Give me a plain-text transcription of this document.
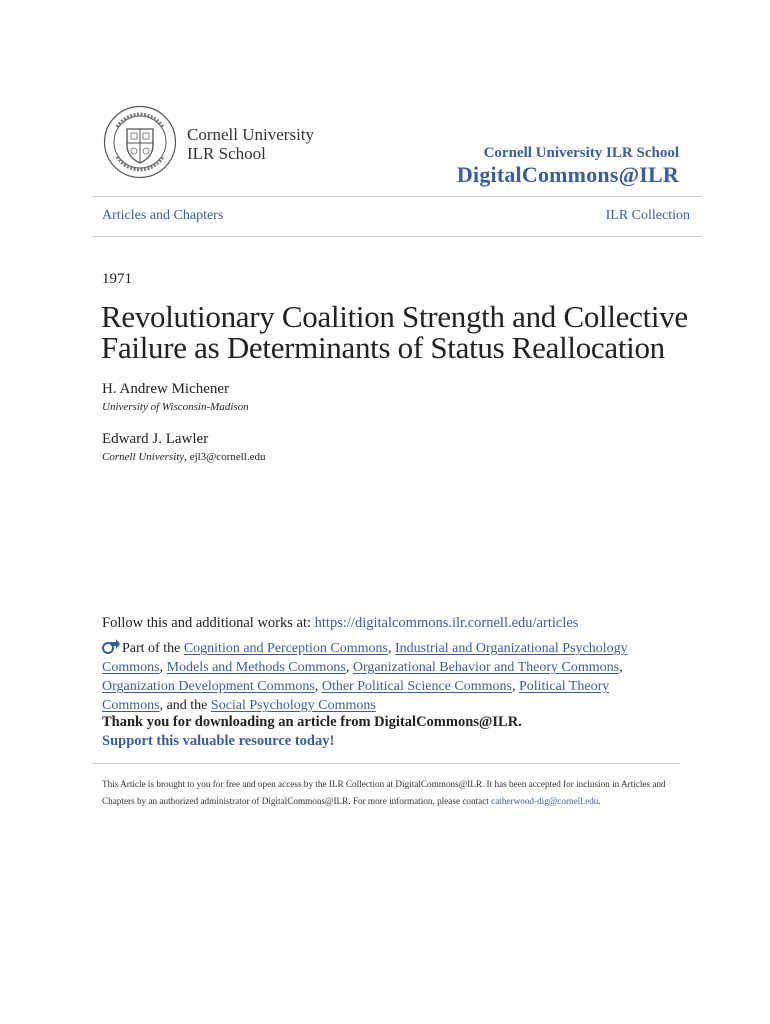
Cornell University
ILR School	Cornell University ILR School
DigitalCommons@ILR
Articles and Chapters	ILR Collection
1971
Revolutionary Coalition Strength and Collective Failure as Determinants of Status Reallocation
H. Andrew Michener
University of Wisconsin-Madison
Edward J. Lawler
Cornell University, ejl3@cornell.edu
Follow this and additional works at: https://digitalcommons.ilr.cornell.edu/articles
Part of the Cognition and Perception Commons, Industrial and Organizational Psychology Commons, Models and Methods Commons, Organizational Behavior and Theory Commons, Organization Development Commons, Other Political Science Commons, Political Theory Commons, and the Social Psychology Commons
Thank you for downloading an article from DigitalCommons@ILR.
Support this valuable resource today!
This Article is brought to you for free and open access by the ILR Collection at DigitalCommons@ILR. It has been accepted for inclusion in Articles and Chapters by an authorized administrator of DigitalCommons@ILR. For more information, please contact catherwood-dig@cornell.edu.
